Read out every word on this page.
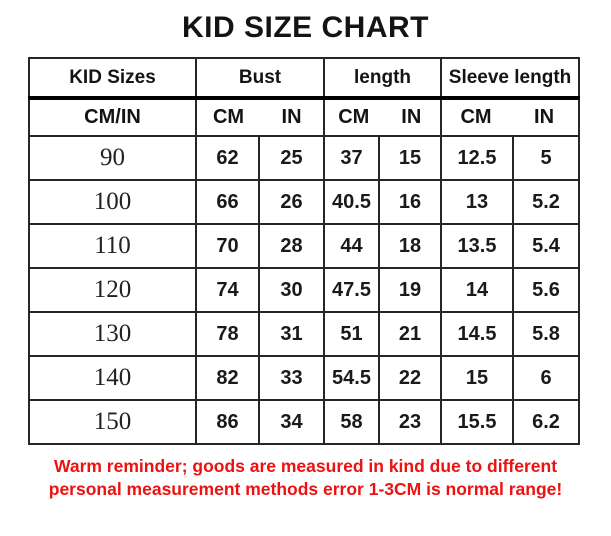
KID SIZE CHART
KID Sizes	Bust		length		Sleeve length	
CM/IN	CM IN		CM IN		CM IN	

90	62	25	37	15	12.5	5
100	66	26	40.5	16	13	5.2
110	70	28	44	18	13.5	5.4
120	74	30	47.5	19	14	5.6
130	78	31	51	21	14.5	5.8
140	82	33	54.5	22	15	6
150	86	34	58	23	15.5	6.2
Warm reminder; goods are measured in kind due to different
personal measurement methods error 1-3CM is normal range!
